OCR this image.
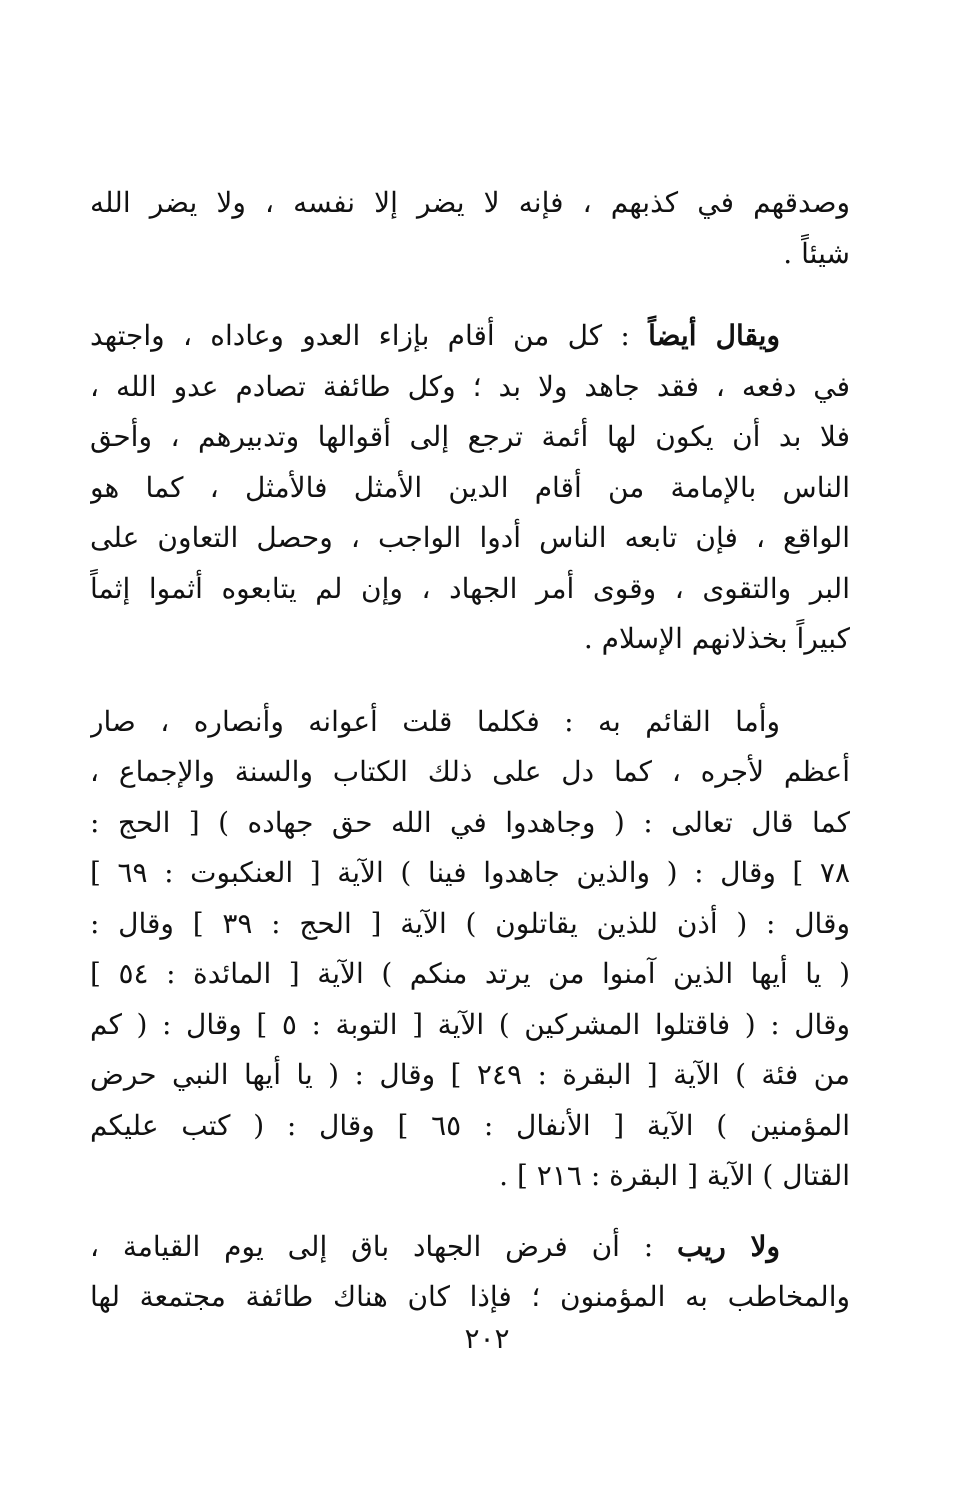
وصدقهم في كذبهم ، فإنه لا يضر إلا نفسه ، ولا يضر الله
شيئاً .

ويقال أيضاً : كل من أقام بإزاء العدو وعاداه ، واجتهد
في دفعه ، فقد جاهد ولا بد ؛ وكل طائفة تصادم عدو الله ،
فلا بد أن يكون لها أئمة ترجع إلى أقوالها وتدبيرهم ، وأحق
الناس بالإمامة من أقام الدين الأمثل فالأمثل ، كما هو
الواقع ، فإن تابعه الناس أدوا الواجب ، وحصل التعاون على
البر والتقوى ، وقوى أمر الجهاد ، وإن لم يتابعوه أثموا إثماً
كبيراً بخذلانهم الإسلام .

وأما القائم به : فكلما قلت أعوانه وأنصاره ، صار
أعظم لأجره ، كما دل على ذلك الكتاب والسنة والإجماع ،
كما قال تعالى : ( وجاهدوا في الله حق جهاده ) [ الحج :
٧٨ ] وقال : ( والذين جاهدوا فينا ) الآية [ العنكبوت : ٦٩ ]
وقال : ( أذن للذين يقاتلون ) الآية [ الحج : ٣٩ ] وقال :
( يا أيها الذين آمنوا من يرتد منكم ) الآية [ المائدة : ٥٤ ]
وقال : ( فاقتلوا المشركين ) الآية [ التوبة : ٥ ] وقال : ( كم
من فئة ) الآية [ البقرة : ٢٤٩ ] وقال : ( يا أيها النبي حرض
المؤمنين ) الآية [ الأنفال : ٦٥ ] وقال : ( كتب عليكم
القتال ) الآية [ البقرة : ٢١٦ ] .

ولا ريب : أن فرض الجهاد باق إلى يوم القيامة ،
والمخاطب به المؤمنون ؛ فإذا كان هناك طائفة مجتمعة لها

٢٠٢
